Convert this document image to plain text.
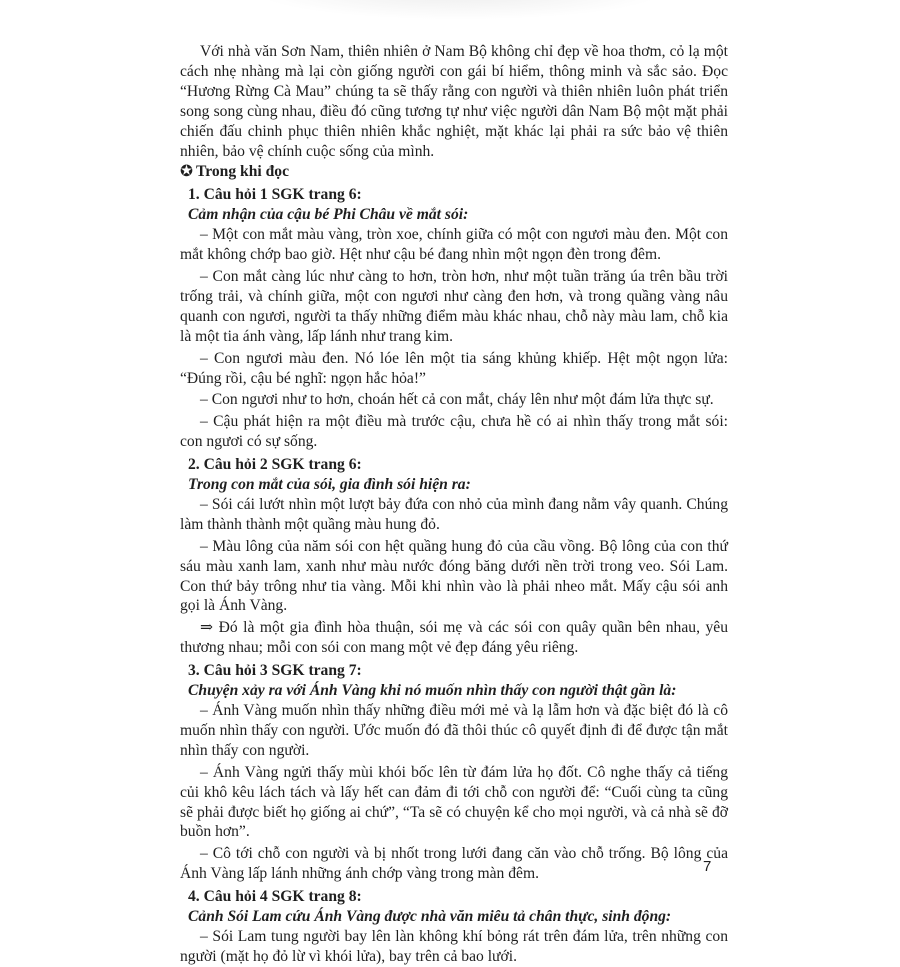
Với nhà văn Sơn Nam, thiên nhiên ở Nam Bộ không chỉ đẹp về hoa thơm, cỏ lạ một cách nhẹ nhàng mà lại còn giống người con gái bí hiểm, thông minh và sắc sảo. Đọc “Hương Rừng Cà Mau” chúng ta sẽ thấy rằng con người và thiên nhiên luôn phát triển song song cùng nhau, điều đó cũng tương tự như việc người dân Nam Bộ một mặt phải chiến đấu chinh phục thiên nhiên khắc nghiệt, mặt khác lại phải ra sức bảo vệ thiên nhiên, bảo vệ chính cuộc sống của mình.

✪ Trong khi đọc
1. Câu hỏi 1 SGK trang 6:
Cảm nhận của cậu bé Phi Châu về mắt sói:

– Một con mắt màu vàng, tròn xoe, chính giữa có một con ngươi màu đen. Một con mắt không chớp bao giờ. Hệt như cậu bé đang nhìn một ngọn đèn trong đêm.

– Con mắt càng lúc như càng to hơn, tròn hơn, như một tuần trăng úa trên bầu trời trống trải, và chính giữa, một con ngươi như càng đen hơn, và trong quầng vàng nâu quanh con ngươi, người ta thấy những điểm màu khác nhau, chỗ này màu lam, chỗ kia là một tia ánh vàng, lấp lánh như trang kim.

– Con ngươi màu đen. Nó lóe lên một tia sáng khủng khiếp. Hệt một ngọn lửa: “Đúng rồi, cậu bé nghĩ: ngọn hắc hỏa!”

– Con ngươi như to hơn, choán hết cả con mắt, cháy lên như một đám lửa thực sự.

– Cậu phát hiện ra một điều mà trước cậu, chưa hề có ai nhìn thấy trong mắt sói: con ngươi có sự sống.

2. Câu hỏi 2 SGK trang 6:
Trong con mắt của sói, gia đình sói hiện ra:

– Sói cái lướt nhìn một lượt bảy đứa con nhỏ của mình đang nằm vây quanh. Chúng làm thành thành một quầng màu hung đỏ.

– Màu lông của năm sói con hệt quầng hung đỏ của cầu vồng. Bộ lông của con thứ sáu màu xanh lam, xanh như màu nước đóng băng dưới nền trời trong veo. Sói Lam. Con thứ bảy trông như tia vàng. Mỗi khi nhìn vào là phải nheo mắt. Mấy cậu sói anh gọi là Ánh Vàng.

⇒ Đó là một gia đình hòa thuận, sói mẹ và các sói con quây quần bên nhau, yêu thương nhau; mỗi con sói con mang một vẻ đẹp đáng yêu riêng.

3. Câu hỏi 3 SGK trang 7:
Chuyện xảy ra với Ánh Vàng khi nó muốn nhìn thấy con người thật gần là:

– Ánh Vàng muốn nhìn thấy những điều mới mẻ và lạ lẫm hơn và đặc biệt đó là cô muốn nhìn thấy con người. Ước muốn đó đã thôi thúc cô quyết định đi để được tận mắt nhìn thấy con người.

– Ánh Vàng ngửi thấy mùi khói bốc lên từ đám lửa họ đốt. Cô nghe thấy cả tiếng củi khô kêu lách tách và lấy hết can đảm đi tới chỗ con người để: “Cuối cùng ta cũng sẽ phải được biết họ giống ai chứ”, “Ta sẽ có chuyện kể cho mọi người, và cả nhà sẽ đỡ buồn hơn”.

– Cô tới chỗ con người và bị nhốt trong lưới đang căn vào chỗ trống. Bộ lông của Ánh Vàng lấp lánh những ánh chớp vàng trong màn đêm.

4. Câu hỏi 4 SGK trang 8:
Cảnh Sói Lam cứu Ánh Vàng được nhà văn miêu tả chân thực, sinh động:

– Sói Lam tung người bay lên làn không khí bỏng rát trên đám lửa, trên những con người (mặt họ đỏ lừ vì khói lửa), bay trên cả bao lưới.

7
